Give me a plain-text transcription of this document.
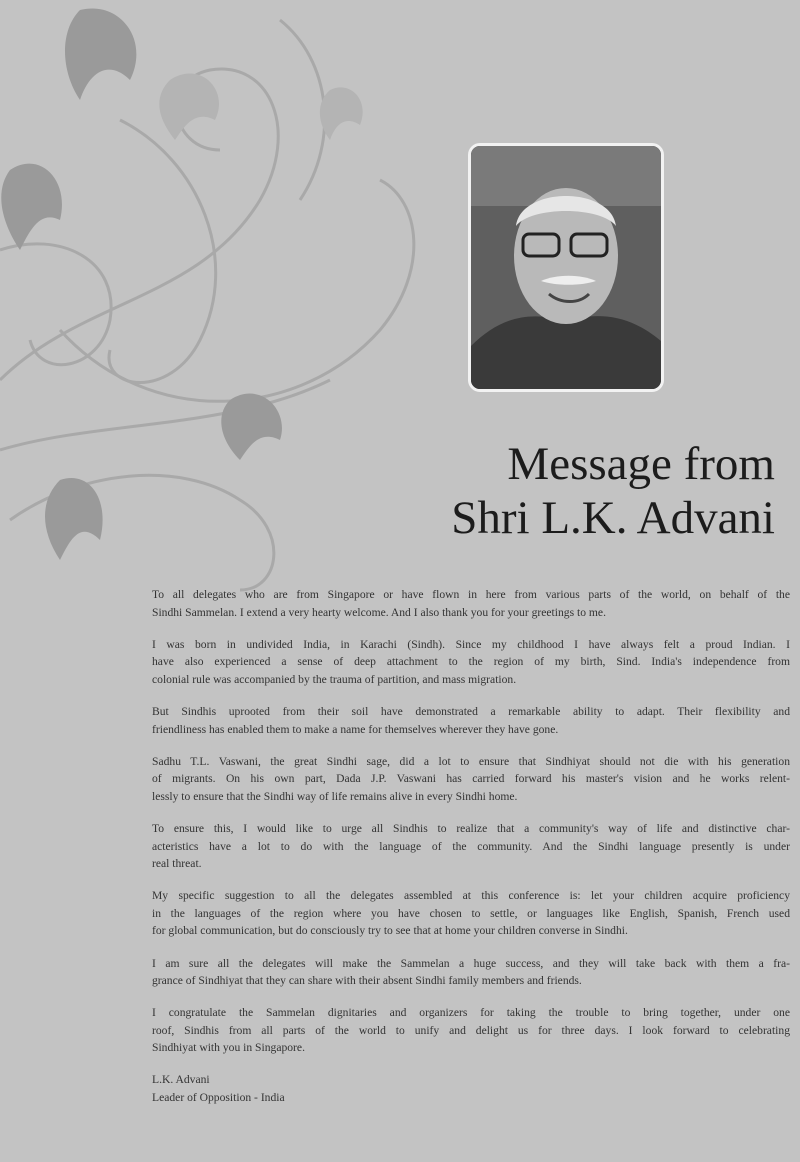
Message from
Shri L.K. Advani
To all delegates who are from Singapore or have flown in here from various parts of the world, on behalf of the
Sindhi Sammelan. I extend a very hearty welcome. And I also thank you for your greetings to me.
I was born in undivided India, in Karachi (Sindh). Since my childhood I have always felt a proud Indian. I
have also experienced a sense of deep attachment to the region of my birth, Sind. India's independence from
colonial rule was accompanied by the trauma of partition, and mass migration.
But Sindhis uprooted from their soil have demonstrated a remarkable ability to adapt. Their flexibility and
friendliness has enabled them to make a name for themselves wherever they have gone.
Sadhu T.L. Vaswani, the great Sindhi sage, did a lot to ensure that Sindhiyat should not die with his generation
of migrants. On his own part, Dada J.P. Vaswani has carried forward his master's vision and he works relent-
lessly to ensure that the Sindhi way of life remains alive in every Sindhi home.
To ensure this, I would like to urge all Sindhis to realize that a community's way of life and distinctive char-
acteristics have a lot to do with the language of the community. And the Sindhi language presently is under
real threat.
My specific suggestion to all the delegates assembled at this conference is: let your children acquire proficiency
in the languages of the region where you have chosen to settle, or languages like English, Spanish, French used
for global communication, but do consciously try to see that at home your children converse in Sindhi.
I am sure all the delegates will make the Sammelan a huge success, and they will take back with them a fra-
grance of Sindhiyat that they can share with their absent Sindhi family members and friends.
I congratulate the Sammelan dignitaries and organizers for taking the trouble to bring together, under one
roof, Sindhis from all parts of the world to unify and delight us for three days. I look forward to celebrating
Sindhiyat with you in Singapore.
L.K. Advani
Leader of Opposition - India
